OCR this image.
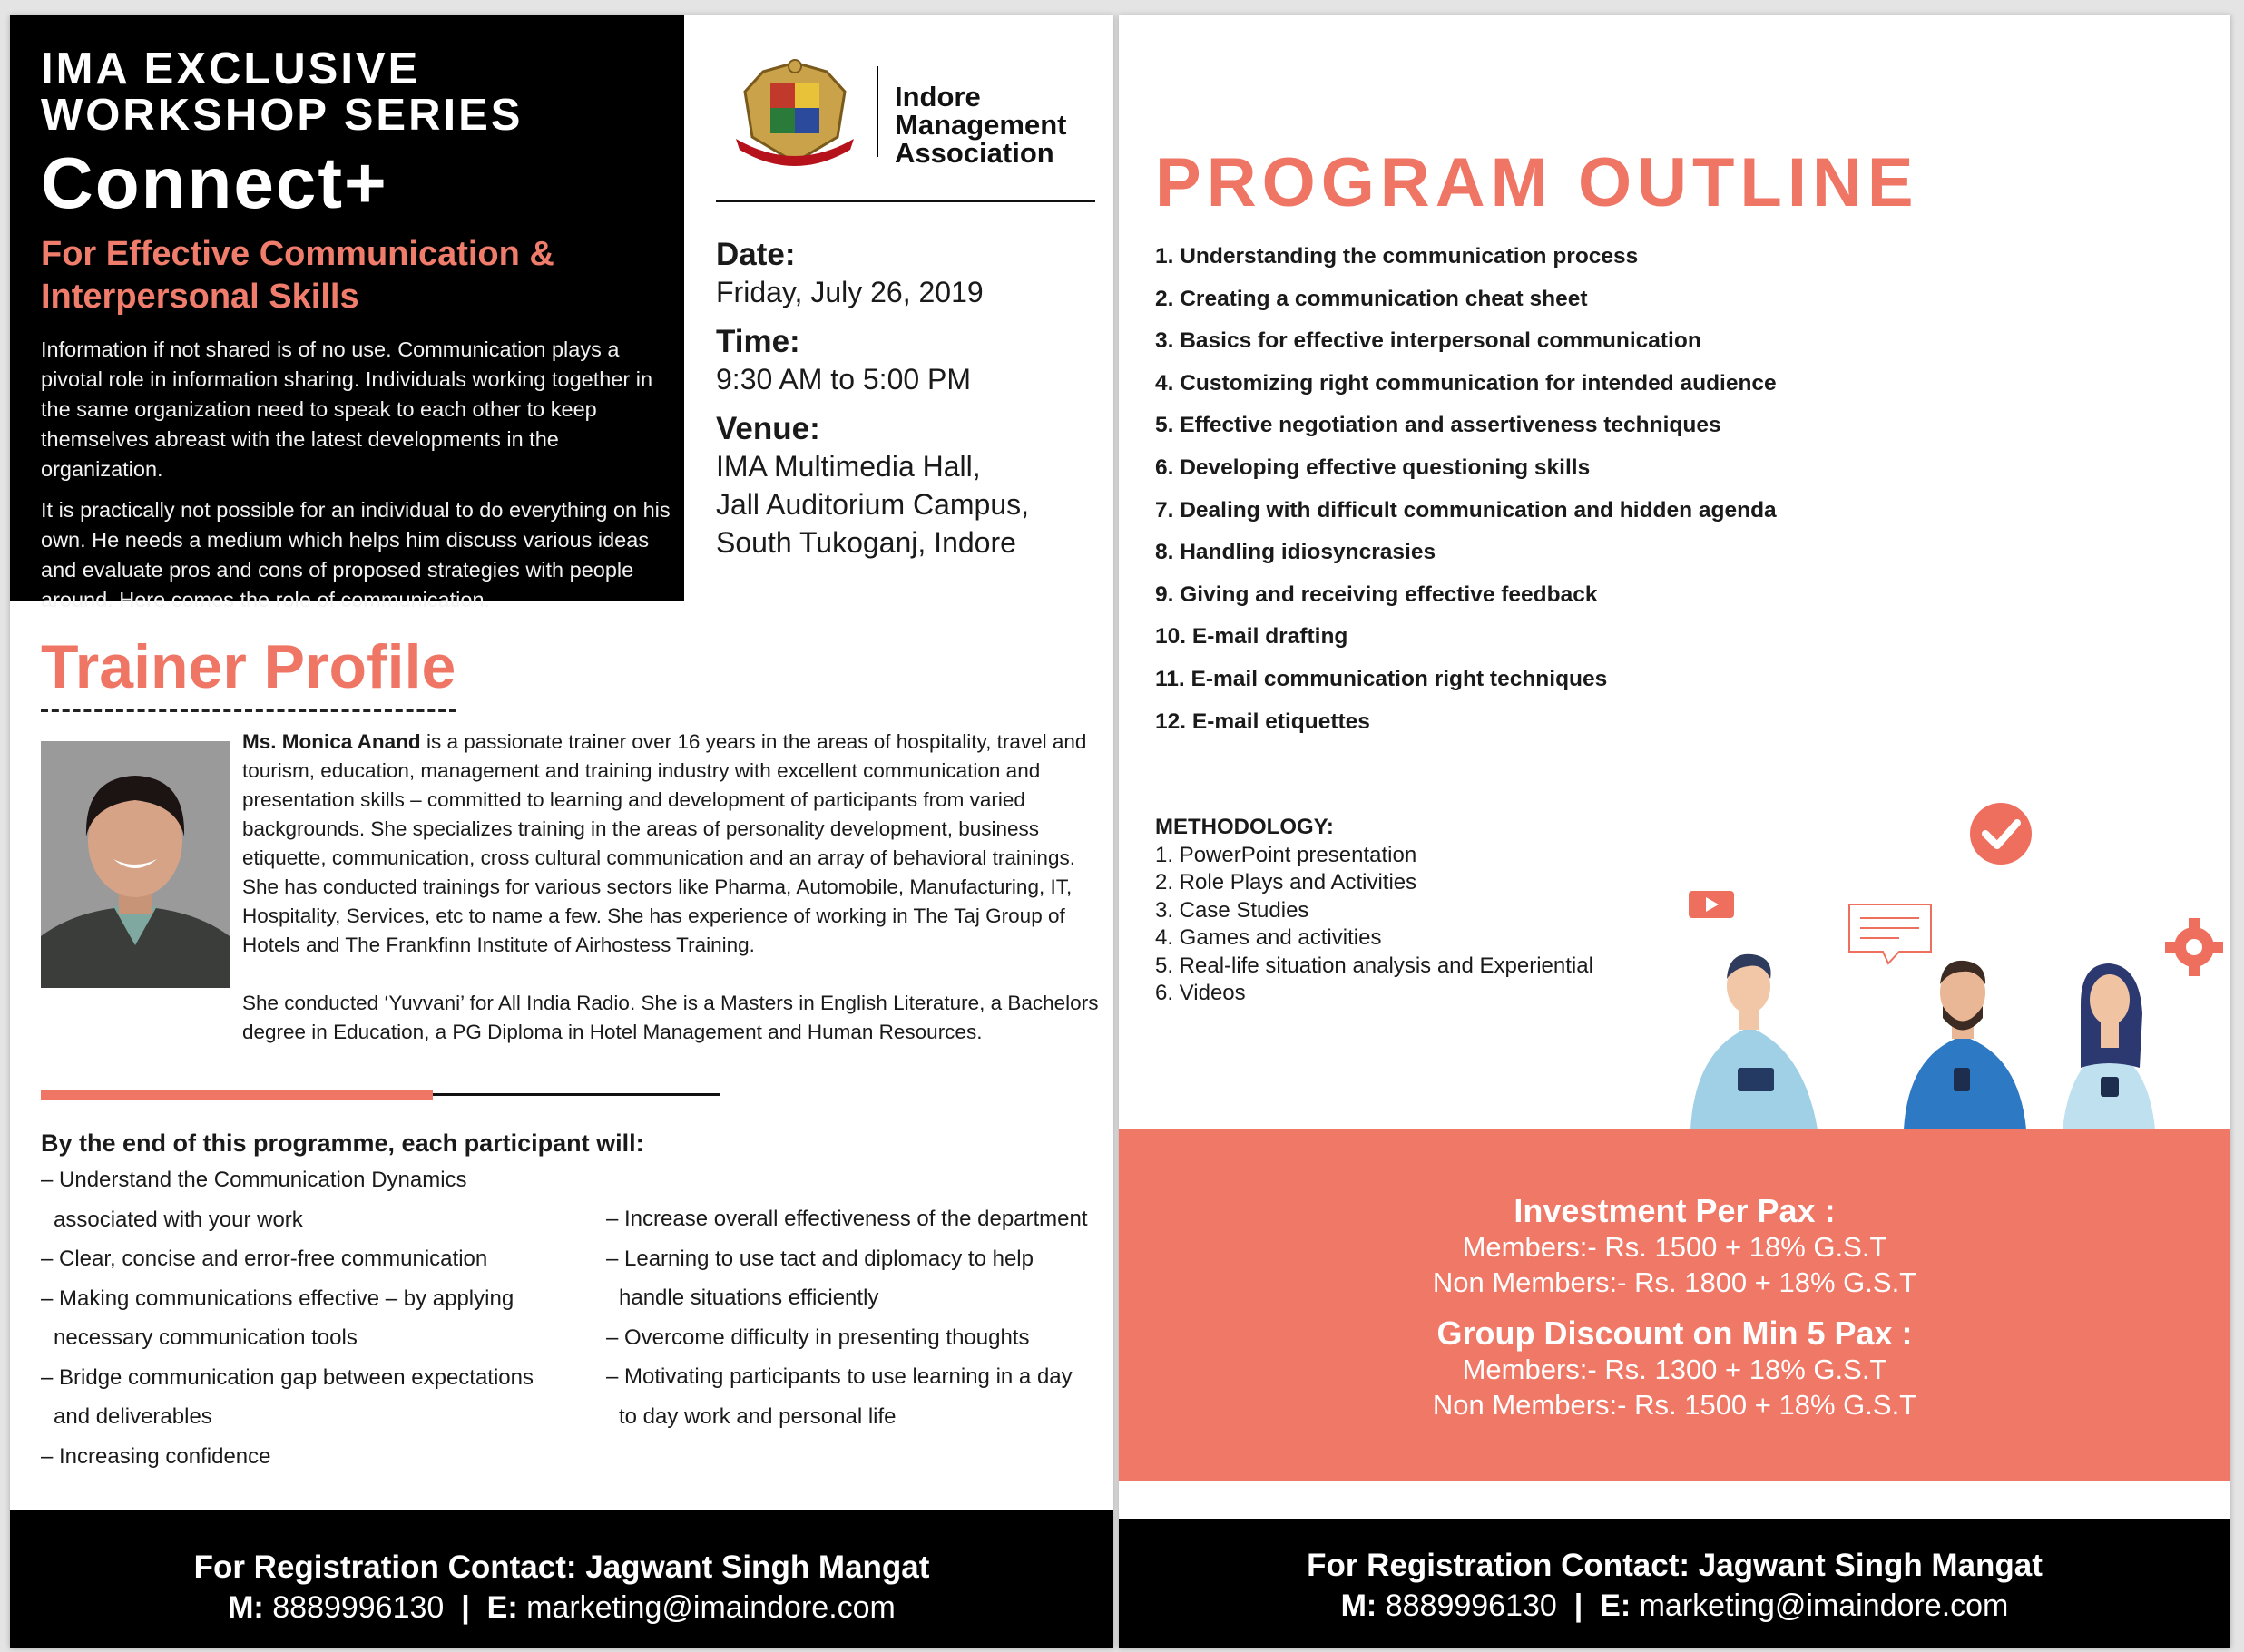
IMA EXCLUSIVE
WORKSHOP SERIES
Connect+
For Effective Communication & Interpersonal Skills

Information if not shared is of no use. Communication plays a pivotal role in information sharing. Individuals working together in the same organization need to speak to each other to keep themselves abreast with the latest developments in the organization.

It is practically not possible for an individual to do everything on his own. He needs a medium which helps him discuss various ideas and evaluate pros and cons of proposed strategies with people around. Here comes the role of communication.

Indore
Management
Association
Date:
Friday, July 26, 2019
Time:
9:30 AM to 5:00 PM
Venue:
IMA Multimedia Hall,
Jall Auditorium Campus,
South Tukoganj, Indore
Trainer Profile

Ms. Monica Anand is a passionate trainer over 16 years in the areas of hospitality, travel and tourism, education, management and training industry with excellent communication and presentation skills – committed to learning and development of participants from varied backgrounds. She specializes training in the areas of personality development, business etiquette, communication, cross cultural communication and an array of behavioral trainings. She has conducted trainings for various sectors like Pharma, Automobile, Manufacturing, IT, Hospitality, Services, etc to name a few. She has experience of working in The Taj Group of Hotels and The Frankfinn Institute of Airhostess Training.

She conducted ‘Yuvvani’ for All India Radio. She is a Masters in English Literature, a Bachelors degree in Education, a PG Diploma in Hotel Management and Human Resources.

By the end of this programme, each participant will:
– Understand the Communication Dynamics
associated with your work
– Clear, concise and error-free communication
– Making communications effective – by applying
necessary communication tools
– Bridge communication gap between expectations
and deliverables
– Increasing confidence
– Increase overall effectiveness of the department
– Learning to use tact and diplomacy to help
handle situations efficiently
– Overcome difficulty in presenting thoughts
– Motivating participants to use learning in a day
to day work and personal life
For Registration Contact: Jagwant Singh Mangat
M: 8889996130 | E: marketing@imaindore.com
PROGRAM OUTLINE
1. Understanding the communication process
2. Creating a communication cheat sheet
3. Basics for effective interpersonal communication
4. Customizing right communication for intended audience
5. Effective negotiation and assertiveness techniques
6. Developing effective questioning skills
7. Dealing with difficult communication and hidden agenda
8. Handling idiosyncrasies
9. Giving and receiving effective feedback
10. E-mail drafting
11. E-mail communication right techniques
12. E-mail etiquettes
METHODOLOGY:
1. PowerPoint presentation
2. Role Plays and Activities
3. Case Studies
4. Games and activities
5. Real-life situation analysis and Experiential
6. Videos
Investment Per Pax :
Members:- Rs. 1500 + 18% G.S.T
Non Members:- Rs. 1800 + 18% G.S.T
Group Discount on Min 5 Pax :
Members:- Rs. 1300 + 18% G.S.T
Non Members:- Rs. 1500 + 18% G.S.T
For Registration Contact: Jagwant Singh Mangat
M: 8889996130 | E: marketing@imaindore.com
